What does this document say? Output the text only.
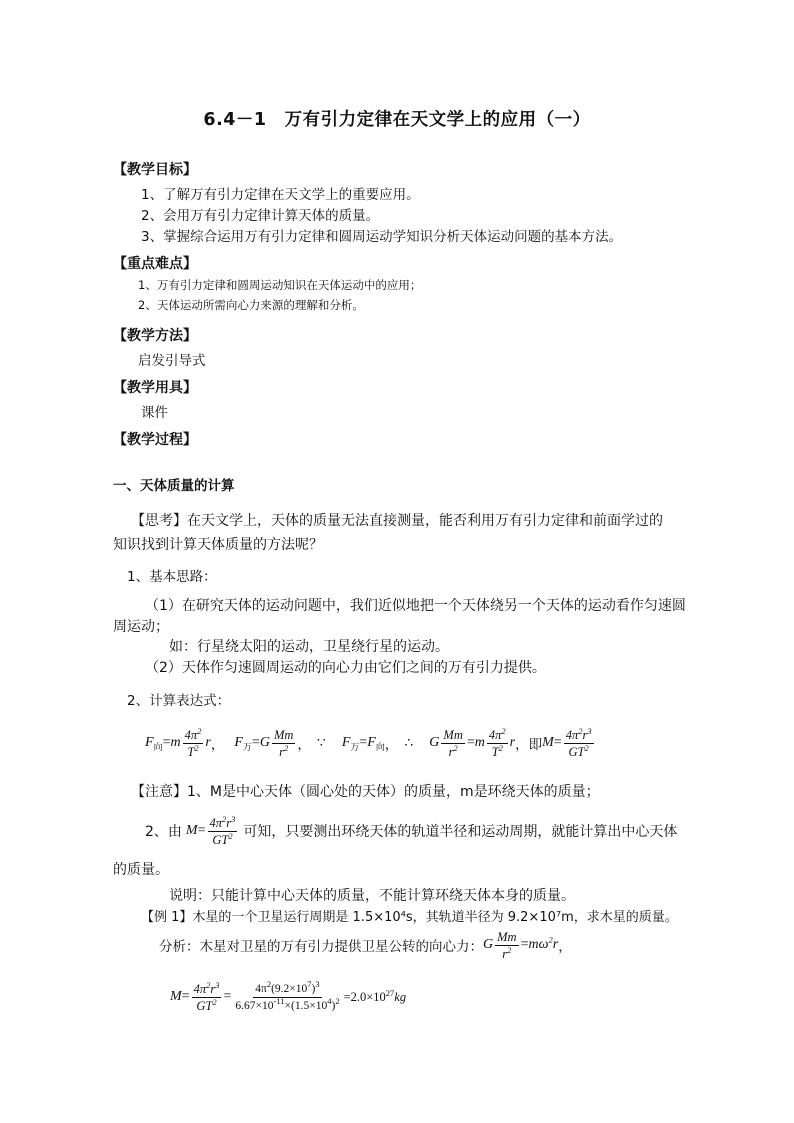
6.4－1　万有引力定律在天文学上的应用（一）
【教学目标】
1、了解万有引力定律在天文学上的重要应用。
2、会用万有引力定律计算天体的质量。
3、掌握综合运用万有引力定律和圆周运动学知识分析天体运动问题的基本方法。
【重点难点】
1、万有引力定律和圆周运动知识在天体运动中的应用；
2、天体运动所需向心力来源的理解和分析。
【教学方法】
启发引导式
【教学用具】
课件
【教学过程】
一、天体质量的计算
【思考】在天文学上，天体的质量无法直接测量，能否利用万有引力定律和前面学过的
知识找到计算天体质量的方法呢？
1、基本思路：
（1）在研究天体的运动问题中，我们近似地把一个天体绕另一个天体的运动看作匀速圆
周运动；
如：行星绕太阳的运动，卫星绕行星的运动。
（2）天体作匀速圆周运动的向心力由它们之间的万有引力提供。
2、计算表达式：
$F_向 = m \frac{4\pi^2}{T^2}$ r ， $F_万 = G \frac{Mm}{r^2}$ ， ∵ $F_万 = F_向$ ， ∴ G $\frac{Mm}{r^2} = m \frac{4\pi^2}{T^2}$ r ，即 $M = \frac{4\pi^2r^3}{GT^2}$
【注意】1、M是中心天体（圆心处的天体）的质量，m是环绕天体的质量；
2、由 $M = \frac{4\pi^2r^3}{GT^2}$ 可知，只要测出环绕天体的轨道半径和运动周期，就能计算出中心天体
的质量。
说明：只能计算中心天体的质量，不能计算环绕天体本身的质量。
【例 1】木星的一个卫星运行周期是 1.5×10⁴s，其轨道半径为 9.2×10⁷m，求木星的质量。
分析：木星对卫星的万有引力提供卫星公转的向心力： G $\frac{Mm}{r^2} = m\omega^2r$ ，
$M = \frac{4\pi^2r^3}{GT^2} = \frac{4\pi^2(9.2\times 10^7)^3}{6.67\times 10^{-11}\times(1.5\times 10^4)^2} =2.0\times 10^{27}$ kg
